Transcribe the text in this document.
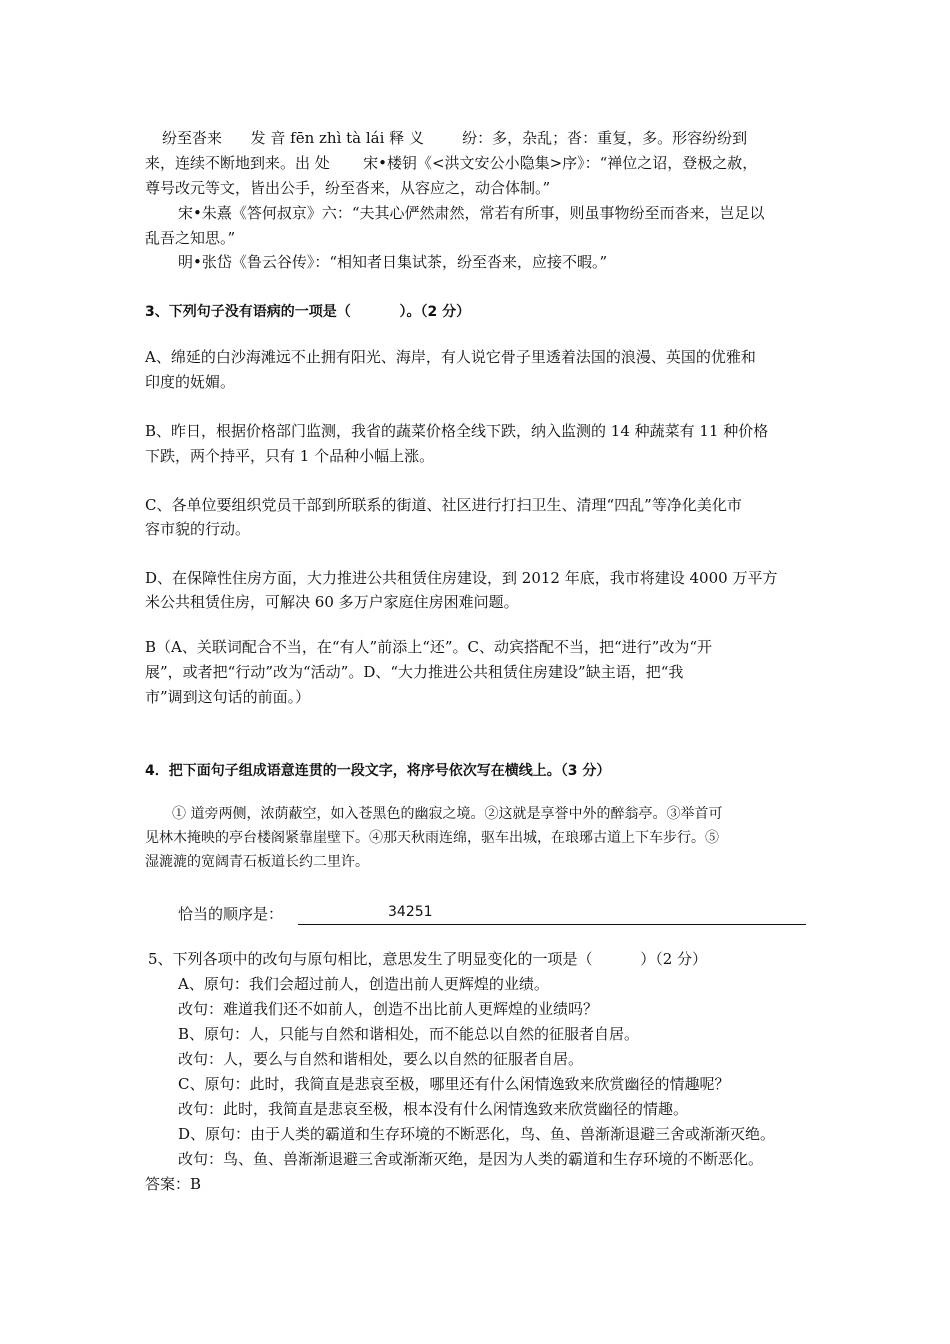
纷至沓来      发 音 fēn zhì tà lái 释 义        纷：多，杂乱；沓：重复，多。形容纷纷到
来，连续不断地到来。出 处       宋•楼钥《<洪文安公小隐集>序》：“禅位之诏，登极之赦，
尊号改元等文，皆出公手，纷至沓来，从容应之，动合体制。”
宋•朱熹《答何叔京》六：“夫其心俨然肃然，常若有所事，则虽事物纷至而沓来，岂足以
乱吾之知思。”
明•张岱《鲁云谷传》：“相知者日集试茶，纷至沓来，应接不暇。”
3、下列句子没有语病的一项是（          ）。（2 分）
A、绵延的白沙海滩远不止拥有阳光、海岸，有人说它骨子里透着法国的浪漫、英国的优雅和
印度的妩媚。
B、昨日，根据价格部门监测，我省的蔬菜价格全线下跌，纳入监测的 14 种蔬菜有 11 种价格
下跌，两个持平，只有 1 个品种小幅上涨。
C、各单位要组织党员干部到所联系的街道、社区进行打扫卫生、清理“四乱”等净化美化市
容市貌的行动。
D、在保障性住房方面，大力推进公共租赁住房建设，到 2012 年底，我市将建设 4000 万平方
米公共租赁住房，可解决 60 多万户家庭住房困难问题。
B（A、关联词配合不当，在“有人”前添上“还”。C、动宾搭配不当，把“进行”改为“开
展”，或者把“行动”改为“活动”。D、“大力推进公共租赁住房建设”缺主语，把“我
市”调到这句话的前面。）
4．把下面句子组成语意连贯的一段文字，将序号依次写在横线上。（3 分）
① 道旁两侧，浓荫蔽空，如入苍黑色的幽寂之境。②这就是享誉中外的醉翁亭。③举首可
见林木掩映的亭台楼阁紧靠崖壁下。④那天秋雨连绵，驱车出城，在琅琊古道上下车步行。⑤
湿漉漉的宽阔青石板道长约二里许。
恰当的顺序是：	34251
5、下列各项中的改句与原句相比，意思发生了明显变化的一项是（          ）（2 分）
A、原句：我们会超过前人，创造出前人更辉煌的业绩。
改句：难道我们还不如前人，创造不出比前人更辉煌的业绩吗？
B、原句：人，只能与自然和谐相处，而不能总以自然的征服者自居。
改句：人，要么与自然和谐相处，要么以自然的征服者自居。
C、原句：此时，我简直是悲哀至极，哪里还有什么闲情逸致来欣赏幽径的情趣呢？
改句：此时，我简直是悲哀至极，根本没有什么闲情逸致来欣赏幽径的情趣。
D、原句：由于人类的霸道和生存环境的不断恶化，鸟、鱼、兽渐渐退避三舍或渐渐灭绝。
改句：鸟、鱼、兽渐渐退避三舍或渐渐灭绝，是因为人类的霸道和生存环境的不断恶化。
答案：B
